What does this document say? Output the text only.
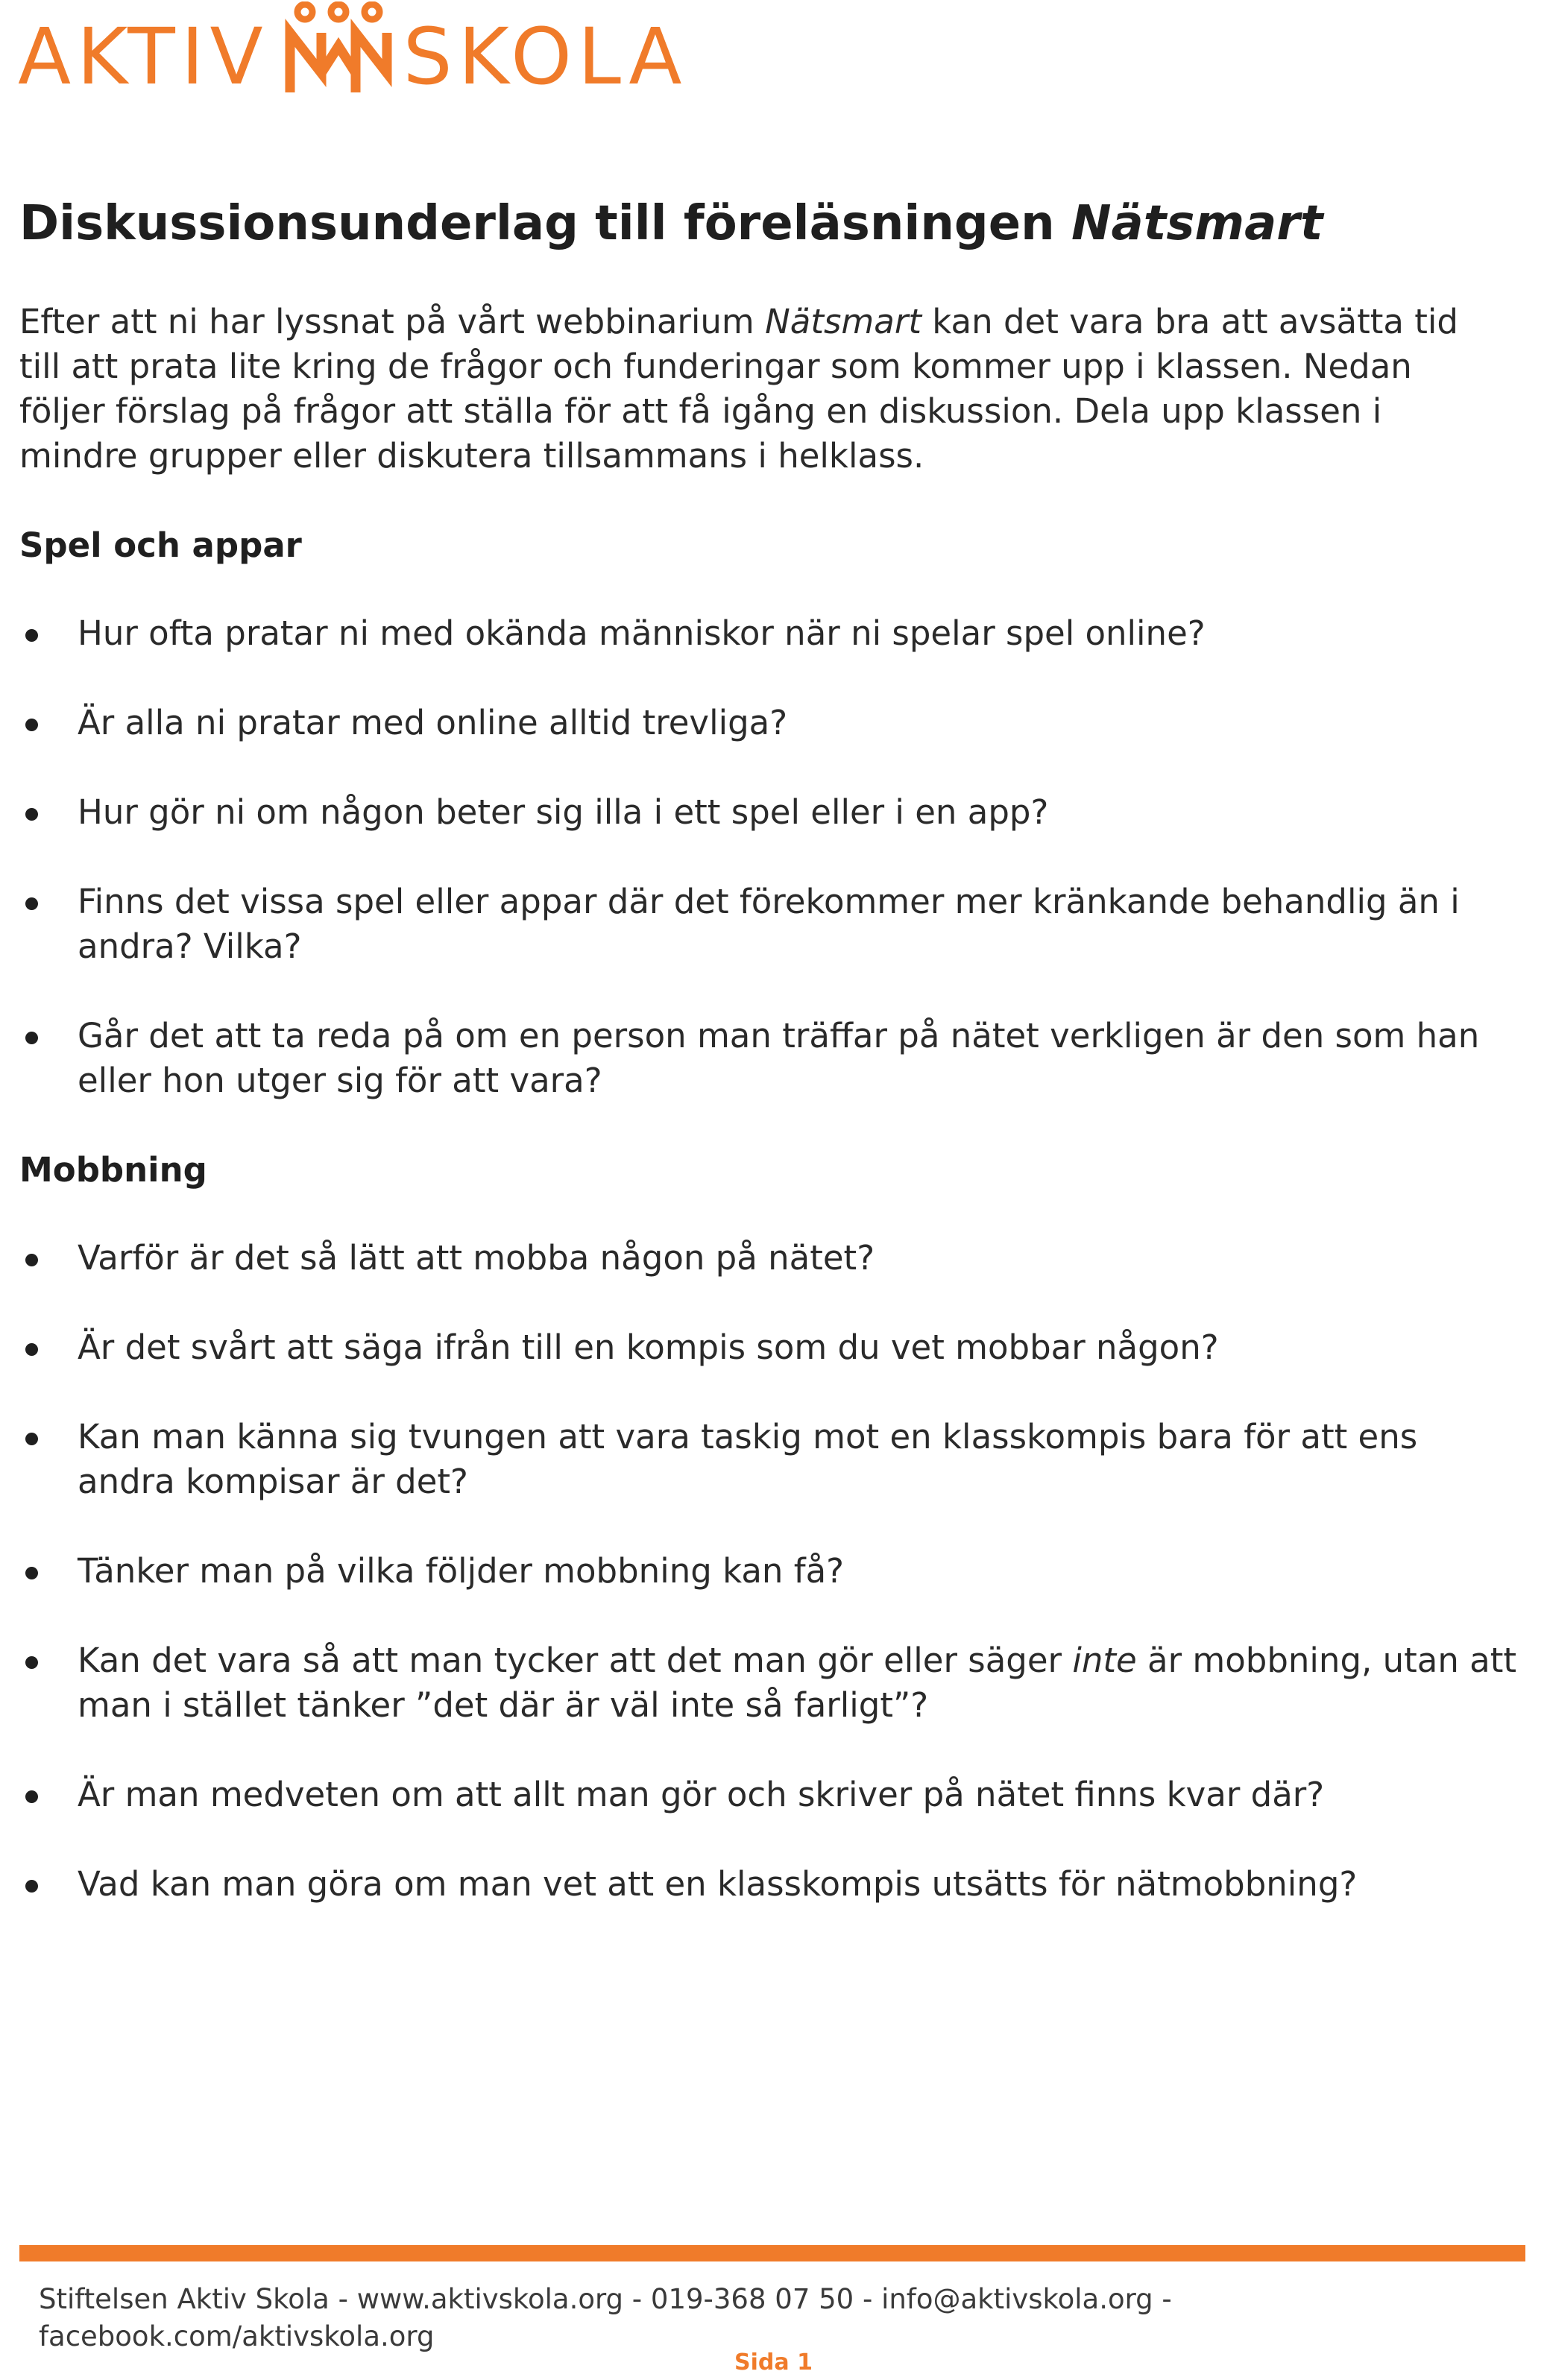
AKTIV SKOLA
Diskussionsunderlag till föreläsningen Nätsmart

Efter att ni har lyssnat på vårt webbinarium Nätsmart kan det vara bra att avsätta tid till att prata lite kring de frågor och funderingar som kommer upp i klassen. Nedan följer förslag på frågor att ställa för att få igång en diskussion. Dela upp klassen i mindre grupper eller diskutera tillsammans i helklass.

Spel och appar

Hur ofta pratar ni med okända människor när ni spelar spel online?

Är alla ni pratar med online alltid trevliga?

Hur gör ni om någon beter sig illa i ett spel eller i en app?

Finns det vissa spel eller appar där det förekommer mer kränkande behandlig än i andra? Vilka?

Går det att ta reda på om en person man träffar på nätet verkligen är den som han eller hon utger sig för att vara?

Mobbning

Varför är det så lätt att mobba någon på nätet?

Är det svårt att säga ifrån till en kompis som du vet mobbar någon?

Kan man känna sig tvungen att vara taskig mot en klasskompis bara för att ens andra kompisar är det?

Tänker man på vilka följder mobbning kan få?

Kan det vara så att man tycker att det man gör eller säger inte är mobbning, utan att man i stället tänker ”det där är väl inte så farligt”?

Är man medveten om att allt man gör och skriver på nätet finns kvar där?

Vad kan man göra om man vet att en klasskompis utsätts för nätmobbning?

Stiftelsen Aktiv Skola - www.aktivskola.org - 019-368 07 50 - info@aktivskola.org - facebook.com/aktivskola.org

Sida 1
